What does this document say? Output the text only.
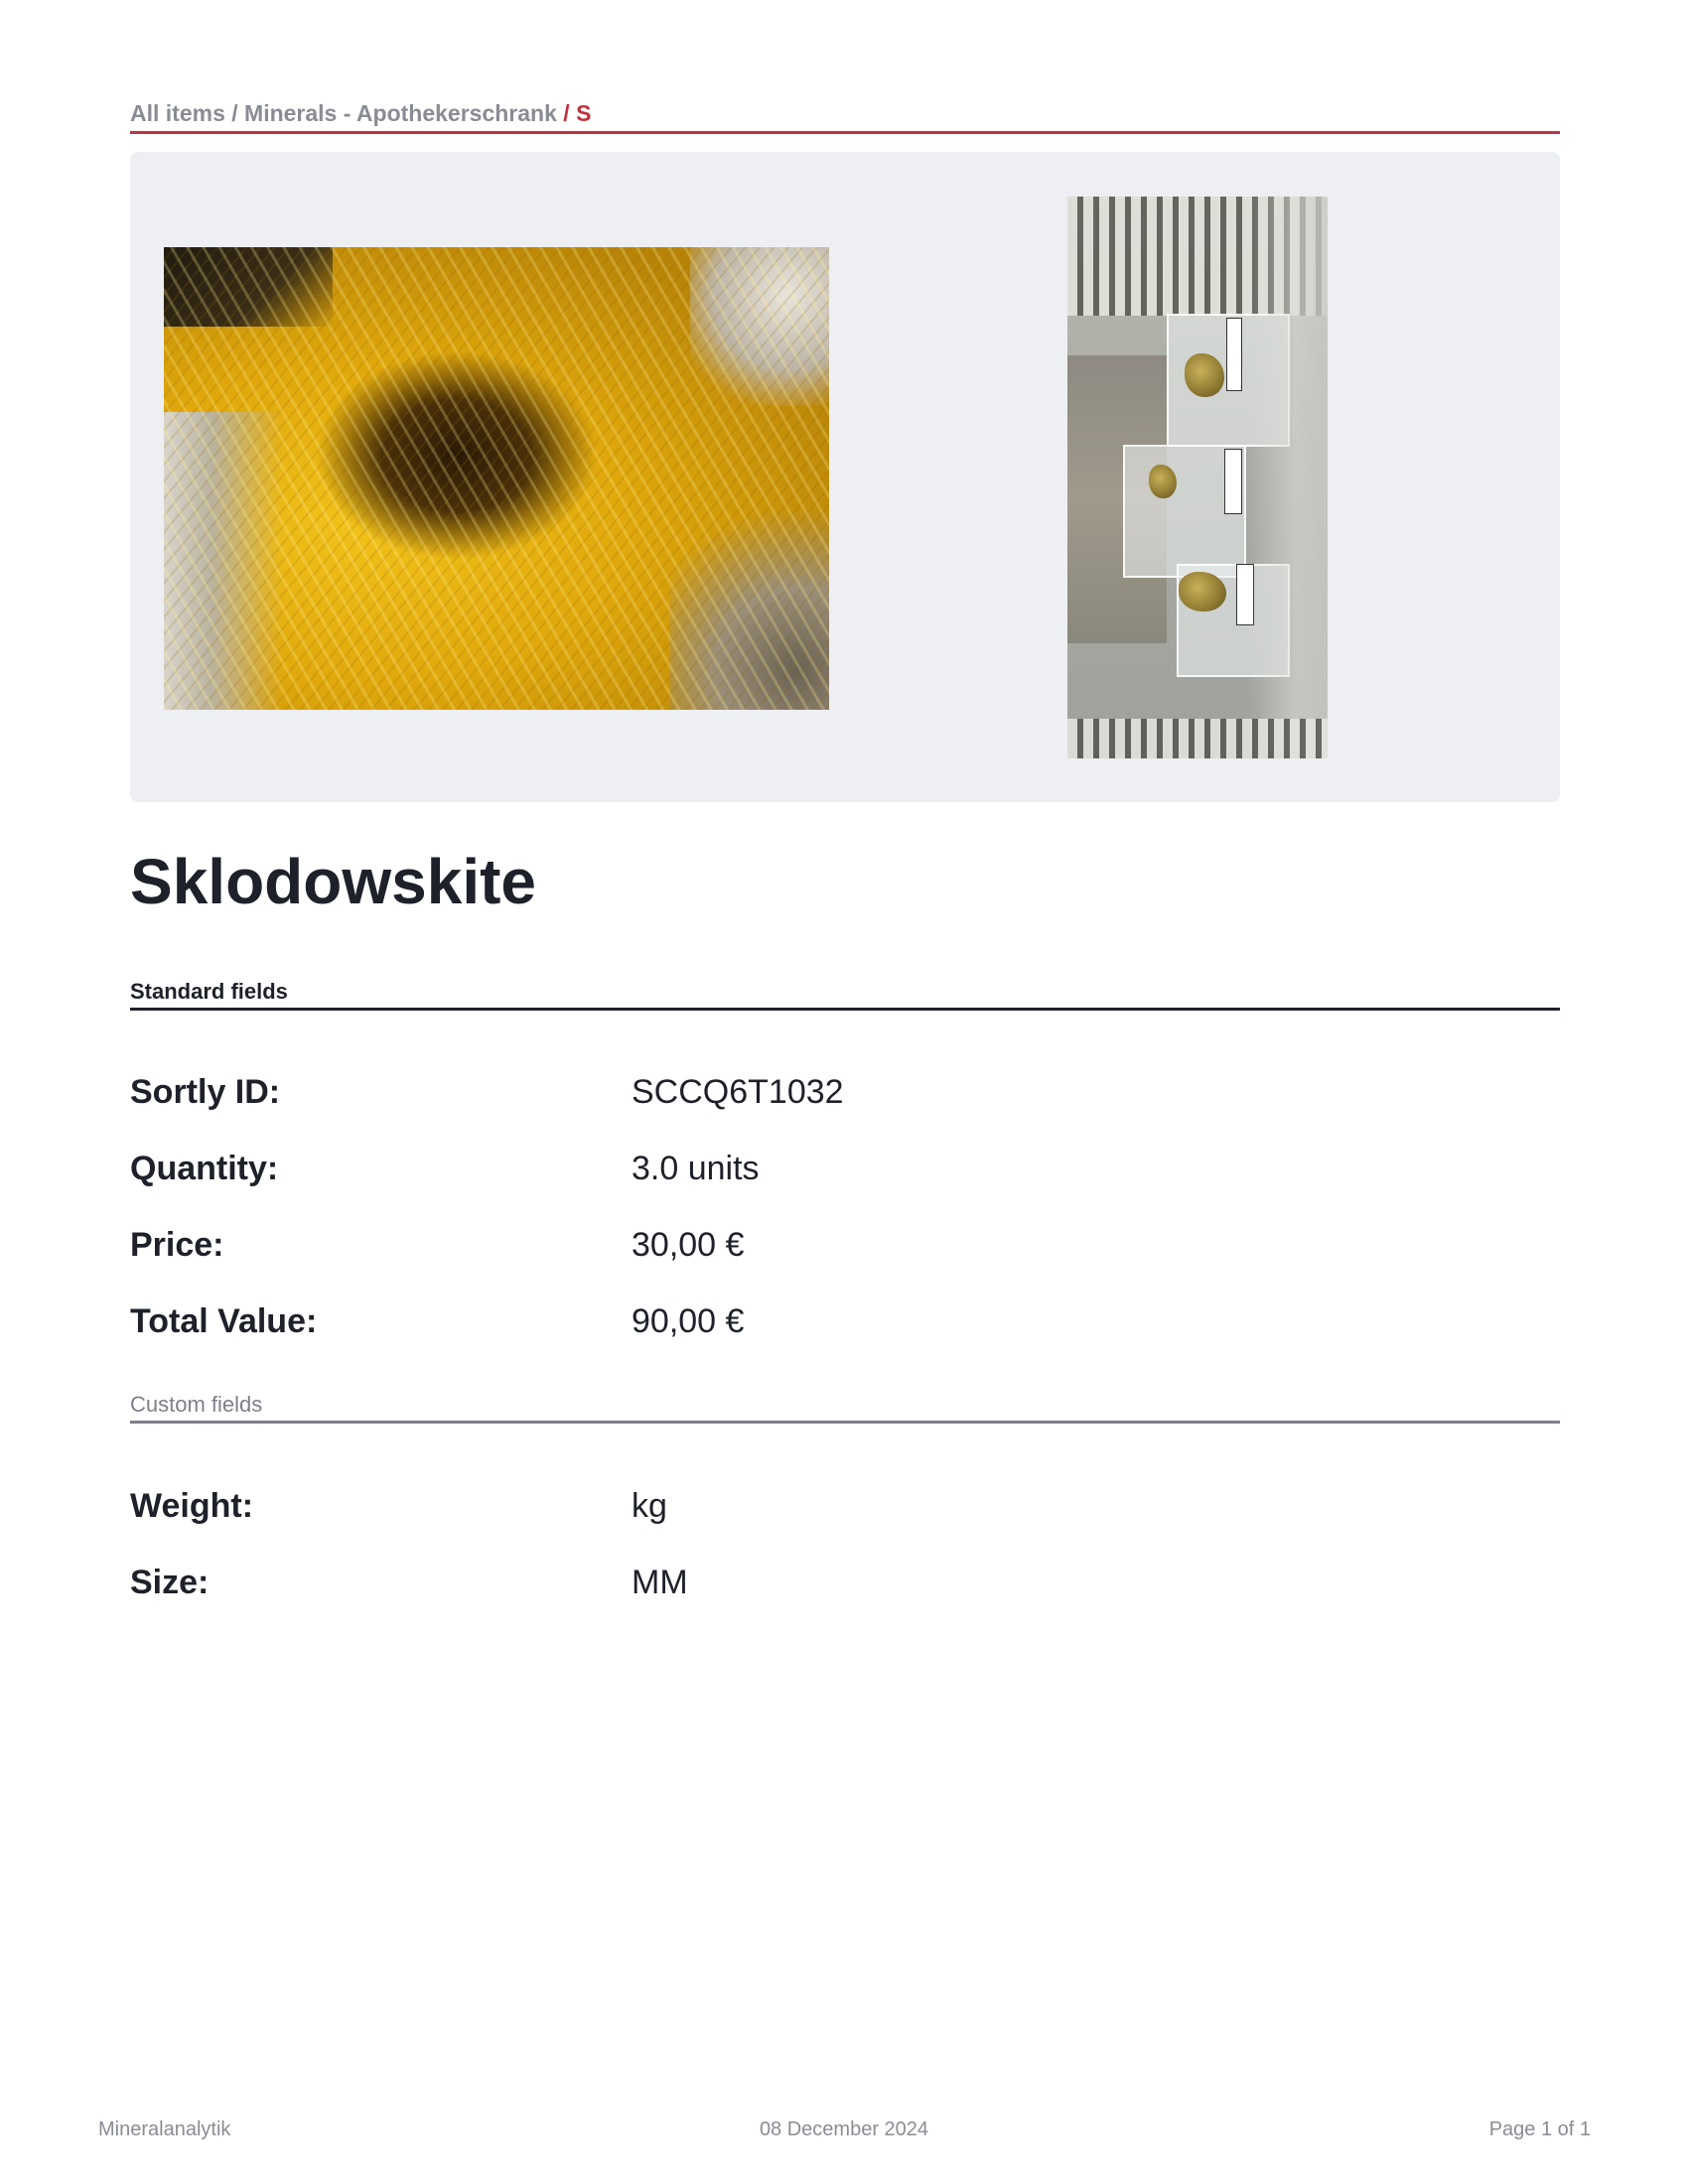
All items / Minerals - Apothekerschrank / S
Sklodowskite
Standard fields
Sortly ID:	SCCQ6T1032
Quantity:	3.0 units
Price:	30,00 €
Total Value:	90,00 €
Custom fields
Weight:	kg
Size:	MM
Mineralanalytik	08 December 2024	Page 1 of 1
